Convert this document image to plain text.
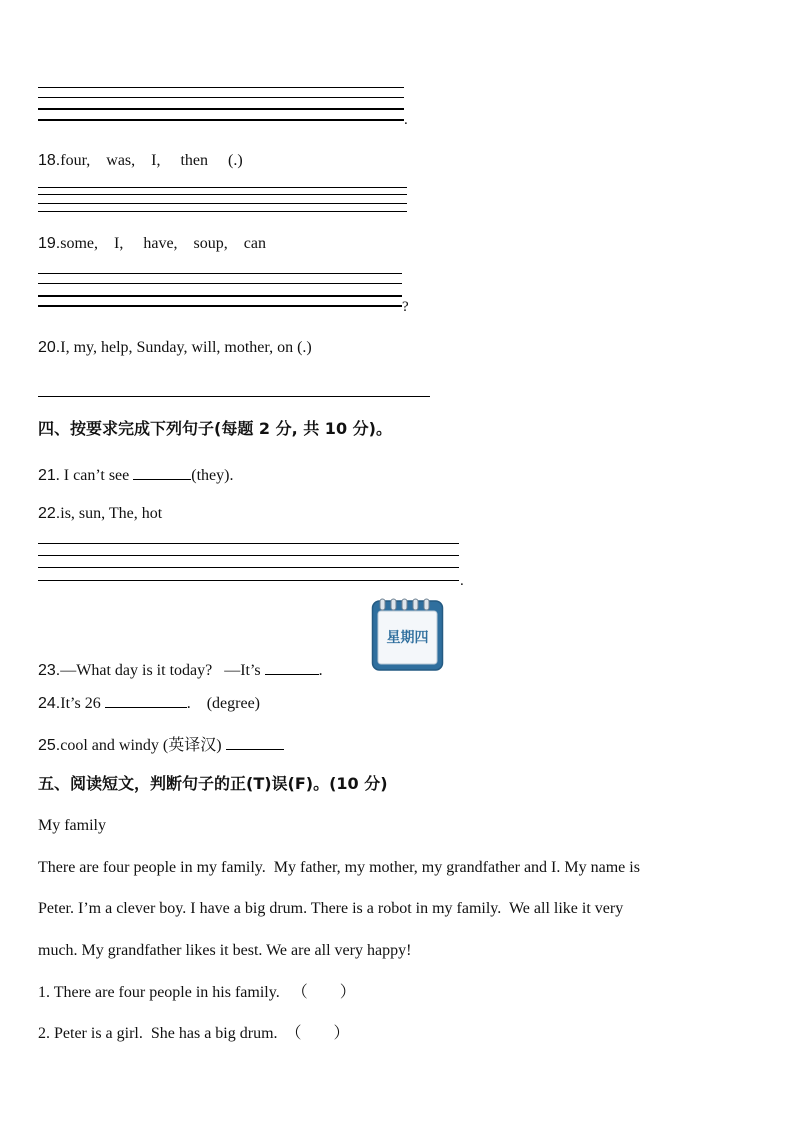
.
18.four,    was,    I,     then     (.)
19.some,    I,     have,    soup,    can
?
20.I, my, help, Sunday, will, mother, on (.)
四、按要求完成下列句子(每题 2 分, 共 10 分)。
21. I can’t see	(they).
22.is, sun, The, hot
.
星期四
23.—What day is it today?   —It’s	.
24.It’s 26	.    (degree)
25.cool and windy (英译汉)
五、阅读短文，判断句子的正(T)误(F)。(10 分)
My family
There are four people in my family.  My father, my mother, my grandfather and I. My name is
Peter. I’m a clever boy. I have a big drum. There is a robot in my family.  We all like it very
much. My grandfather likes it best. We are all very happy!
1. There are four people in his family.   （        ）
2. Peter is a girl.  She has a big drum.  （        ）
